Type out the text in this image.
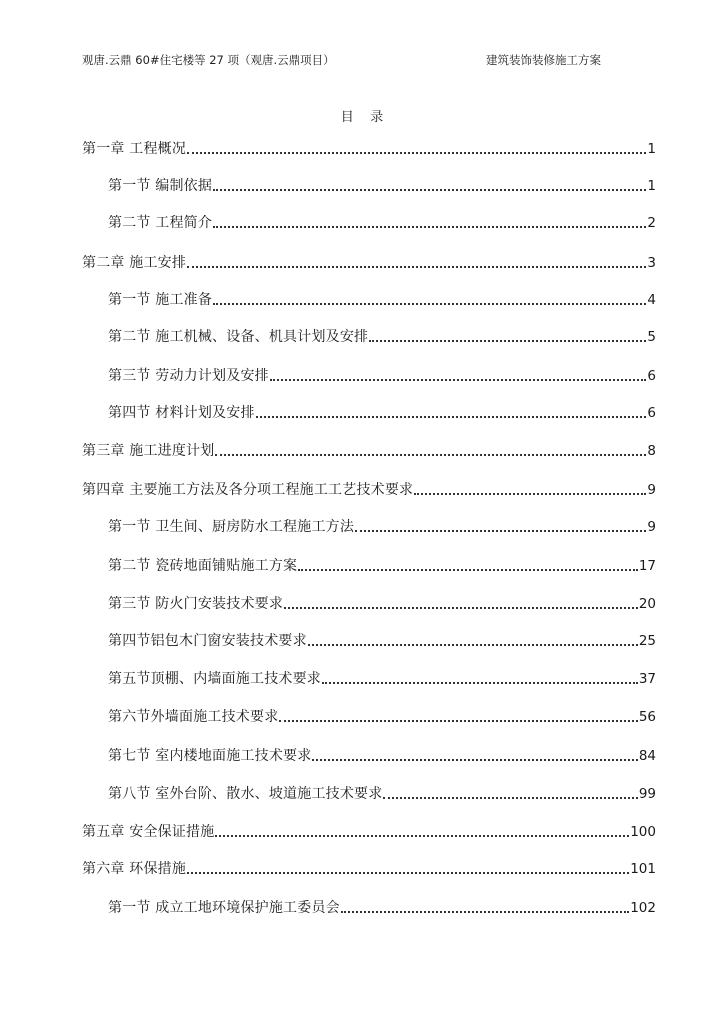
观唐.云鼎 60#住宅楼等 27 项（观唐.云鼎项目）	建筑装饰装修施工方案
目    录
第一章 工程概况	1
第一节 编制依据	1
第二节 工程简介	2
第二章 施工安排	3
第一节 施工准备	4
第二节 施工机械、设备、机具计划及安排	5
第三节 劳动力计划及安排	6
第四节 材料计划及安排	6
第三章 施工进度计划	8
第四章 主要施工方法及各分项工程施工工艺技术要求	9
第一节 卫生间、厨房防水工程施工方法	9
第二节 瓷砖地面铺贴施工方案	17
第三节 防火门安装技术要求	20
第四节铝包木门窗安装技术要求	25
第五节顶棚、内墙面施工技术要求	37
第六节外墙面施工技术要求	56
第七节 室内楼地面施工技术要求	84
第八节 室外台阶、散水、坡道施工技术要求	99
第五章 安全保证措施	100
第六章 环保措施	101
第一节 成立工地环境保护施工委员会	102
